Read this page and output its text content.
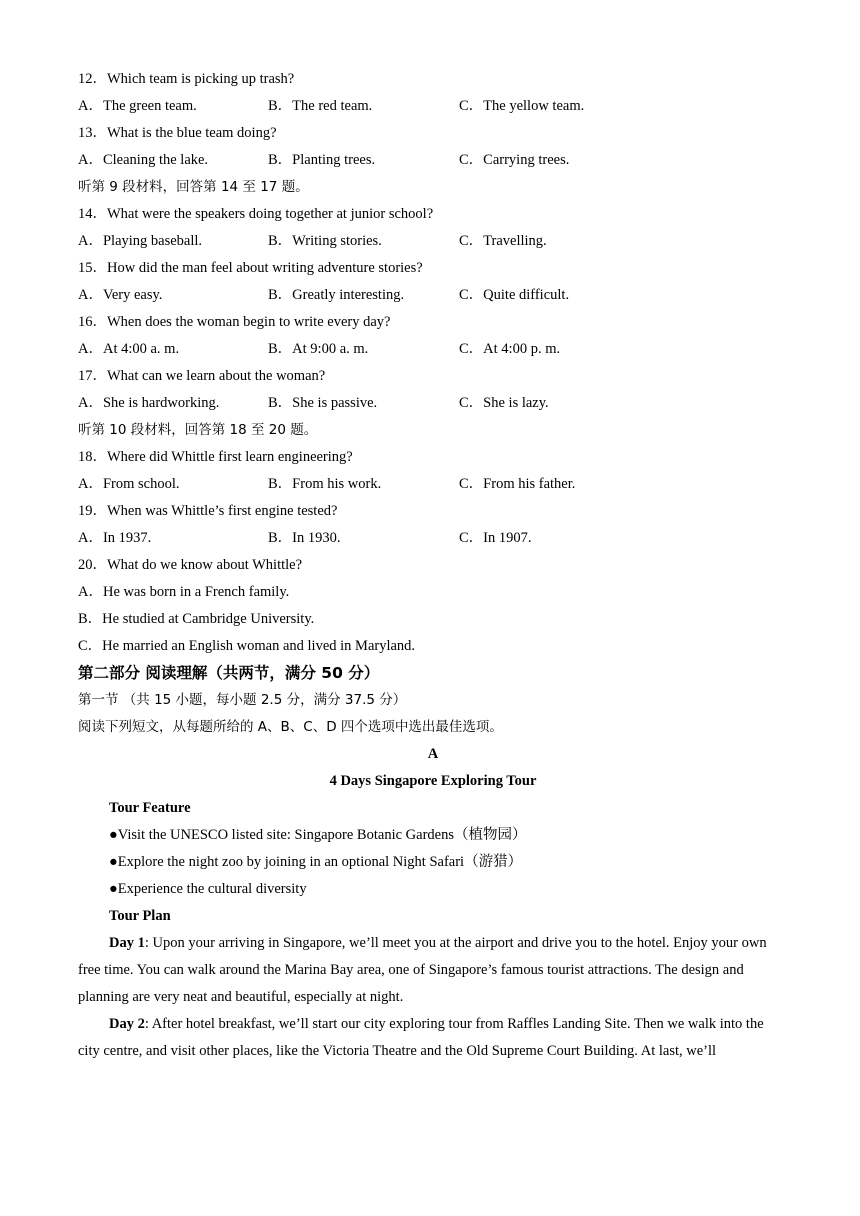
12．Which team is picking up trash?
A．The green team.	B．The red team.	C．The yellow team.
13．What is the blue team doing?
A．Cleaning the lake.	B．Planting trees.	C．Carrying trees.
听第 9 段材料，回答第 14 至 17 题。
14．What were the speakers doing together at junior school?
A．Playing baseball.	B．Writing stories.	C．Travelling.
15．How did the man feel about writing adventure stories?
A．Very easy.	B．Greatly interesting.	C．Quite difficult.
16．When does the woman begin to write every day?
A．At 4:00 a. m.	B．At 9:00 a. m.	C．At 4:00 p. m.
17．What can we learn about the woman?
A．She is hardworking.	B．She is passive.	C．She is lazy.
听第 10 段材料，回答第 18 至 20 题。
18．Where did Whittle first learn engineering?
A．From school.	B．From his work.	C．From his father.
19．When was Whittle’s first engine tested?
A．In 1937.	B．In 1930.	C．In 1907.
20．What do we know about Whittle?
A．He was born in a French family.
B．He studied at Cambridge University.
C．He married an English woman and lived in Maryland.
第二部分 阅读理解（共两节，满分 50 分）
第一节 （共 15 小题，每小题 2.5 分，满分 37.5 分）
阅读下列短文，从每题所给的 A、B、C、D 四个选项中选出最佳选项。
A
4 Days Singapore Exploring Tour
Tour Feature
●Visit the UNESCO listed site: Singapore Botanic Gardens（植物园）
●Explore the night zoo by joining in an optional Night Safari（游猎）
●Experience the cultural diversity
Tour Plan

Day 1: Upon your arriving in Singapore, we’ll meet you at the airport and drive you to the hotel. Enjoy your own free time. You can walk around the Marina Bay area, one of Singapore’s famous tourist attractions. The design and planning are very neat and beautiful, especially at night.

Day 2: After hotel breakfast, we’ll start our city exploring tour from Raffles Landing Site. Then we walk into the city centre, and visit other places, like the Victoria Theatre and the Old Supreme Court Building. At last, we’ll
